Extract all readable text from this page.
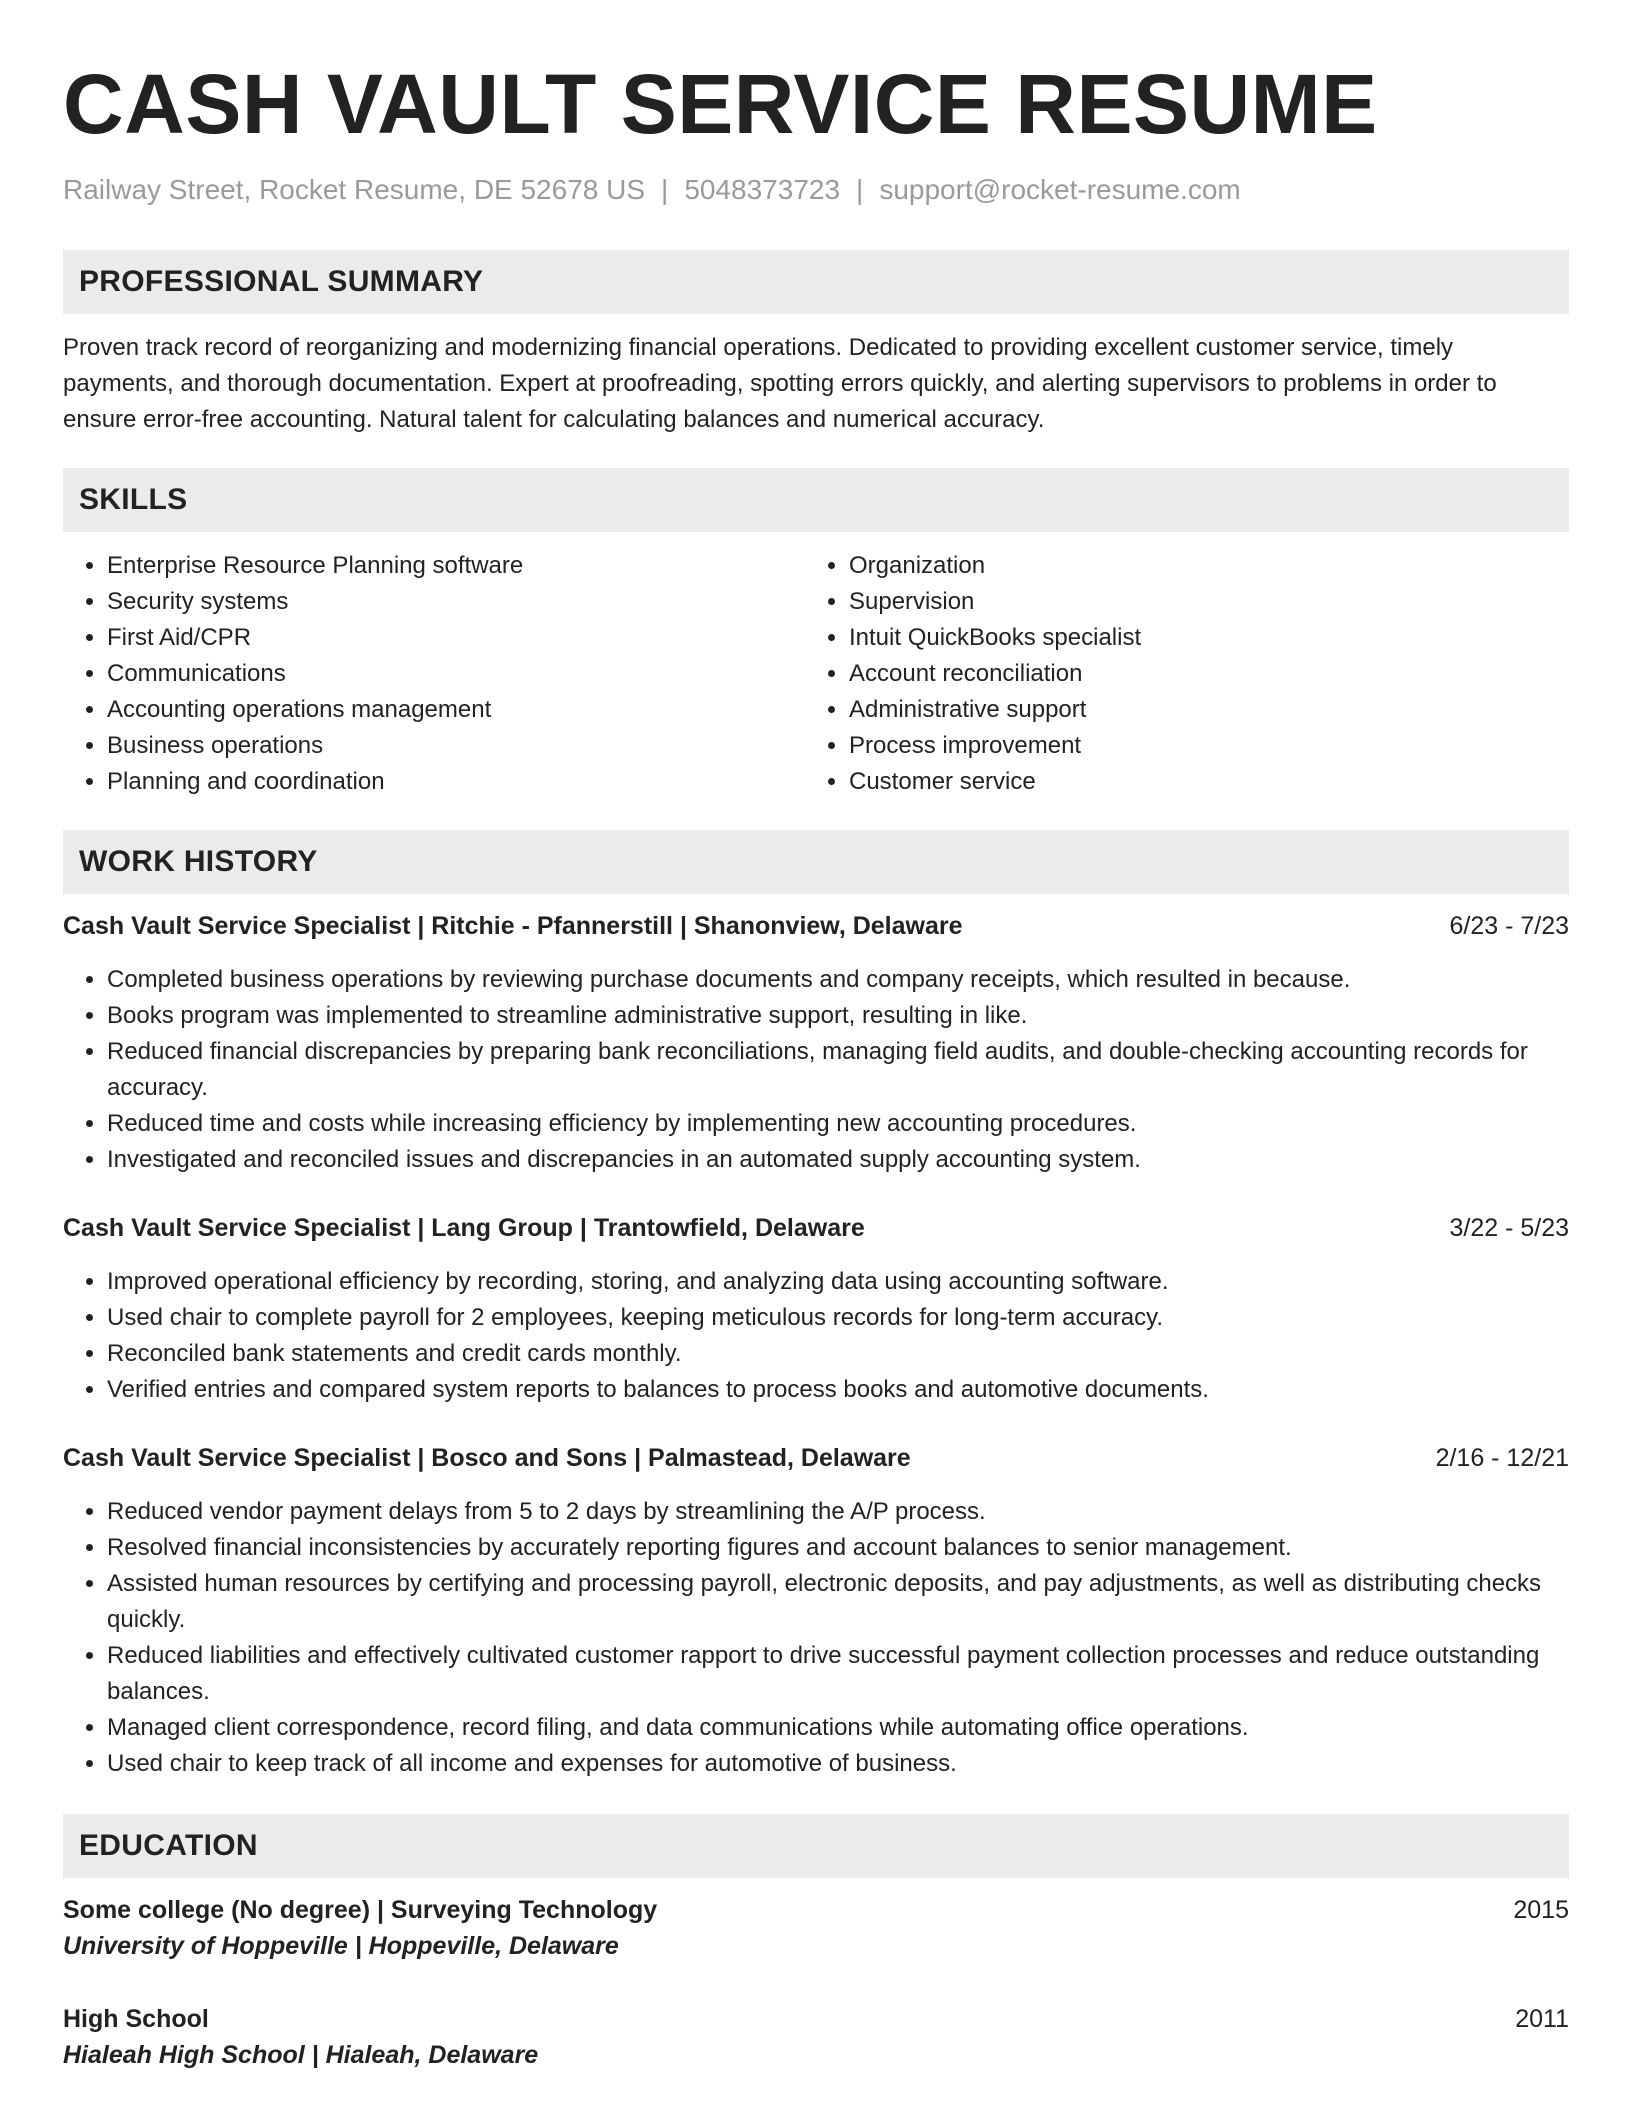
CASH VAULT SERVICE RESUME
Railway Street, Rocket Resume, DE 52678 US | 5048373723 | support@rocket-resume.com
PROFESSIONAL SUMMARY

Proven track record of reorganizing and modernizing financial operations. Dedicated to providing excellent customer service, timely payments, and thorough documentation. Expert at proofreading, spotting errors quickly, and alerting supervisors to problems in order to ensure error-free accounting. Natural talent for calculating balances and numerical accuracy.

SKILLS
• Enterprise Resource Planning software
• Security systems
• First Aid/CPR
• Communications
• Accounting operations management
• Business operations
• Planning and coordination
• Organization
• Supervision
• Intuit QuickBooks specialist
• Account reconciliation
• Administrative support
• Process improvement
• Customer service
WORK HISTORY
Cash Vault Service Specialist | Ritchie - Pfannerstill | Shanonview, Delaware	6/23 - 7/23
• Completed business operations by reviewing purchase documents and company receipts, which resulted in because.
• Books program was implemented to streamline administrative support, resulting in like.
• Reduced financial discrepancies by preparing bank reconciliations, managing field audits, and double-checking accounting records for accuracy.
• Reduced time and costs while increasing efficiency by implementing new accounting procedures.
• Investigated and reconciled issues and discrepancies in an automated supply accounting system.
Cash Vault Service Specialist | Lang Group | Trantowfield, Delaware	3/22 - 5/23
• Improved operational efficiency by recording, storing, and analyzing data using accounting software.
• Used chair to complete payroll for 2 employees, keeping meticulous records for long-term accuracy.
• Reconciled bank statements and credit cards monthly.
• Verified entries and compared system reports to balances to process books and automotive documents.
Cash Vault Service Specialist | Bosco and Sons | Palmastead, Delaware	2/16 - 12/21
• Reduced vendor payment delays from 5 to 2 days by streamlining the A/P process.
• Resolved financial inconsistencies by accurately reporting figures and account balances to senior management.
• Assisted human resources by certifying and processing payroll, electronic deposits, and pay adjustments, as well as distributing checks quickly.
• Reduced liabilities and effectively cultivated customer rapport to drive successful payment collection processes and reduce outstanding balances.
• Managed client correspondence, record filing, and data communications while automating office operations.
• Used chair to keep track of all income and expenses for automotive of business.
EDUCATION
Some college (No degree) | Surveying Technology	2015
University of Hoppeville | Hoppeville, Delaware
High School	2011
Hialeah High School | Hialeah, Delaware
